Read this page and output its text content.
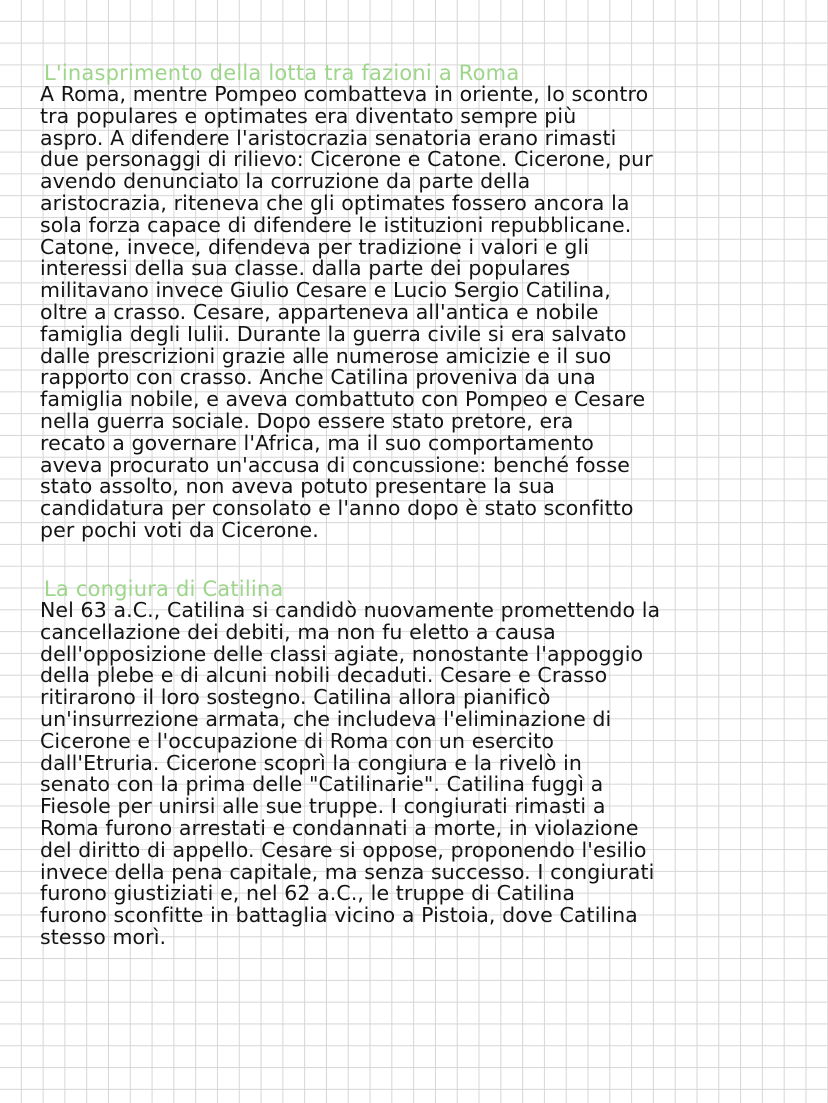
L'inasprimento della lotta tra fazioni a Roma
A Roma, mentre Pompeo combatteva in oriente, lo scontro
tra populares e optimates era diventato sempre più
aspro. A difendere l'aristocrazia senatoria erano rimasti
due personaggi di rilievo: Cicerone e Catone. Cicerone, pur
avendo denunciato la corruzione da parte della
aristocrazia, riteneva che gli optimates fossero ancora la
sola forza capace di difendere le istituzioni repubblicane.
Catone, invece, difendeva per tradizione i valori e gli
interessi della sua classe. dalla parte dei populares
militavano invece Giulio Cesare e Lucio Sergio Catilina,
oltre a crasso. Cesare, apparteneva all'antica e nobile
famiglia degli Iulii. Durante la guerra civile si era salvato
dalle prescrizioni grazie alle numerose amicizie e il suo
rapporto con crasso. Anche Catilina proveniva da una
famiglia nobile, e aveva combattuto con Pompeo e Cesare
nella guerra sociale. Dopo essere stato pretore, era
recato a governare l'Africa, ma il suo comportamento
aveva procurato un'accusa di concussione: benché fosse
stato assolto, non aveva potuto presentare la sua
candidatura per consolato e l'anno dopo è stato sconfitto
per pochi voti da Cicerone.
La congiura di Catilina
Nel 63 a.C., Catilina si candidò nuovamente promettendo la
cancellazione dei debiti, ma non fu eletto a causa
dell'opposizione delle classi agiate, nonostante l'appoggio
della plebe e di alcuni nobili decaduti. Cesare e Crasso
ritirarono il loro sostegno. Catilina allora pianificò
un'insurrezione armata, che includeva l'eliminazione di
Cicerone e l'occupazione di Roma con un esercito
dall'Etruria. Cicerone scoprì la congiura e la rivelò in
senato con la prima delle "Catilinarie". Catilina fuggì a
Fiesole per unirsi alle sue truppe. I congiurati rimasti a
Roma furono arrestati e condannati a morte, in violazione
del diritto di appello. Cesare si oppose, proponendo l'esilio
invece della pena capitale, ma senza successo. I congiurati
furono giustiziati e, nel 62 a.C., le truppe di Catilina
furono sconfitte in battaglia vicino a Pistoia, dove Catilina
stesso morì.
